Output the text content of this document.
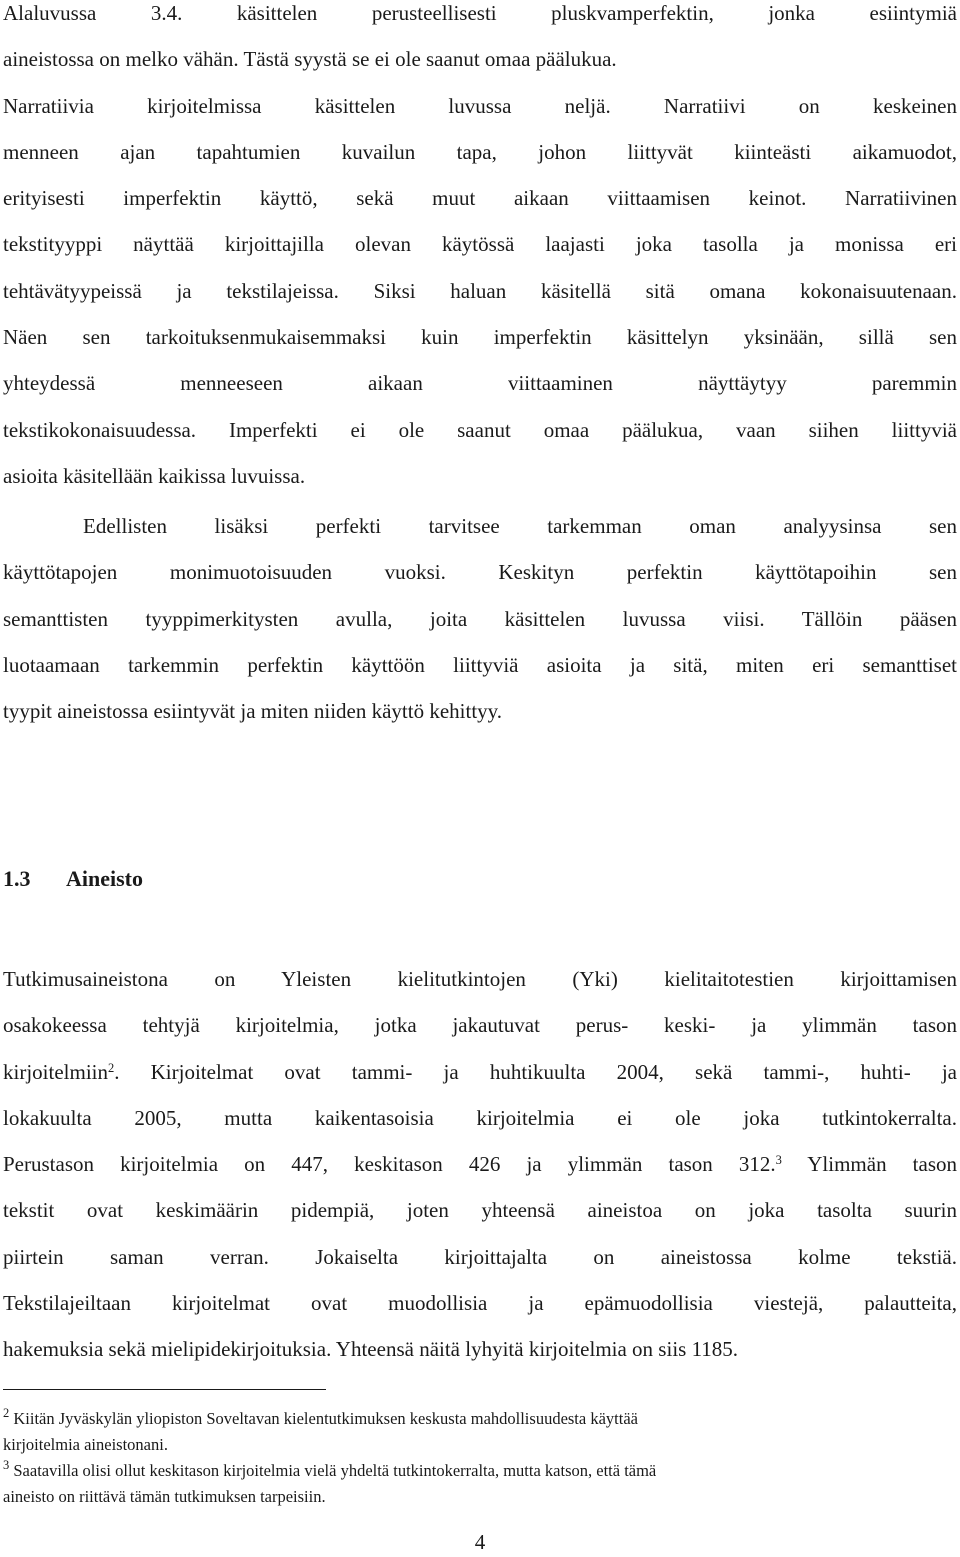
Alaluvussa 3.4. käsittelen perusteellisesti pluskvamperfektin, jonka esiintymiä
aineistossa on melko vähän. Tästä syystä se ei ole saanut omaa päälukua.
Narratiivia kirjoitelmissa käsittelen luvussa neljä. Narratiivi on keskeinen
menneen ajan tapahtumien kuvailun tapa, johon liittyvät kiinteästi aikamuodot,
erityisesti imperfektin käyttö, sekä muut aikaan viittaamisen keinot. Narratiivinen
tekstityyppi näyttää kirjoittajilla olevan käytössä laajasti joka tasolla ja monissa eri
tehtävätyypeissä ja tekstilajeissa. Siksi haluan käsitellä sitä omana kokonaisuutenaan.
Näen sen tarkoituksenmukaisemmaksi kuin imperfektin käsittelyn yksinään, sillä sen
yhteydessä menneeseen aikaan viittaaminen näyttäytyy paremmin
tekstikokonaisuudessa. Imperfekti ei ole saanut omaa päälukua, vaan siihen liittyviä
asioita käsitellään kaikissa luvuissa.

Edellisten lisäksi perfekti tarvitsee tarkemman oman analyysinsa sen
käyttötapojen monimuotoisuuden vuoksi. Keskityn perfektin käyttötapoihin sen
semanttisten tyyppimerkitysten avulla, joita käsittelen luvussa viisi. Tällöin pääsen
luotaamaan tarkemmin perfektin käyttöön liittyviä asioita ja sitä, miten eri semanttiset
tyypit aineistossa esiintyvät ja miten niiden käyttö kehittyy.

1.3 Aineisto

Tutkimusaineistona on Yleisten kielitutkintojen (Yki) kielitaitotestien kirjoittamisen
osakokeessa tehtyjä kirjoitelmia, jotka jakautuvat perus- keski- ja ylimmän tason
kirjoitelmiin$^2$. Kirjoitelmat ovat tammi- ja huhtikuulta 2004, sekä tammi-, huhti- ja
lokakuulta 2005, mutta kaikentasoisia kirjoitelmia ei ole joka tutkintokerralta.
Perustason kirjoitelmia on 447, keskitason 426 ja ylimmän tason 312.$^3$ Ylimmän tason
tekstit ovat keskimäärin pidempiä, joten yhteensä aineistoa on joka tasolta suurin
piirtein saman verran. Jokaiselta kirjoittajalta on aineistossa kolme tekstiä.
Tekstilajeiltaan kirjoitelmat ovat muodollisia ja epämuodollisia viestejä, palautteita,
hakemuksia sekä mielipidekirjoituksia. Yhteensä näitä lyhyitä kirjoitelmia on siis 1185.

$^2$ Kiitän Jyväskylän yliopiston Soveltavan kielentutkimuksen keskusta mahdollisuudesta käyttää
kirjoitelmia aineistonani.

$^3$ Saatavilla olisi ollut keskitason kirjoitelmia vielä yhdeltä tutkintokerralta, mutta katson, että tämä
aineisto on riittävä tämän tutkimuksen tarpeisiin.

4
